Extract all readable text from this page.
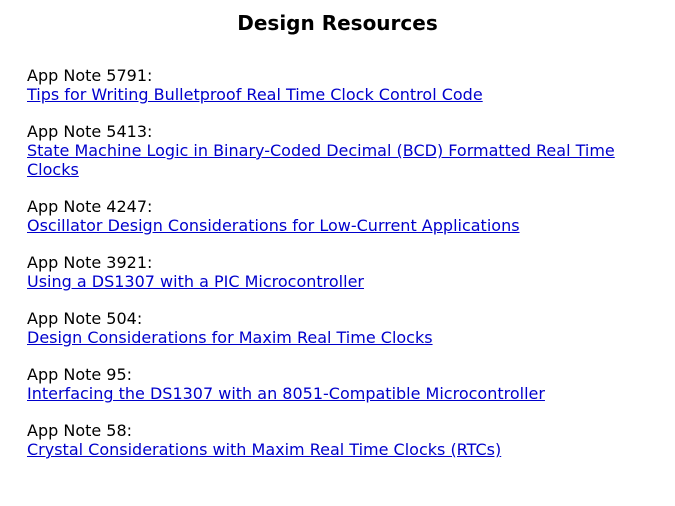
Design Resources
App Note 5791:
Tips for Writing Bulletproof Real Time Clock Control Code
App Note 5413:
State Machine Logic in Binary-Coded Decimal (BCD) Formatted Real Time Clocks
App Note 4247:
Oscillator Design Considerations for Low-Current Applications
App Note 3921:
Using a DS1307 with a PIC Microcontroller
App Note 504:
Design Considerations for Maxim Real Time Clocks
App Note 95:
Interfacing the DS1307 with an 8051-Compatible Microcontroller
App Note 58:
Crystal Considerations with Maxim Real Time Clocks (RTCs)
